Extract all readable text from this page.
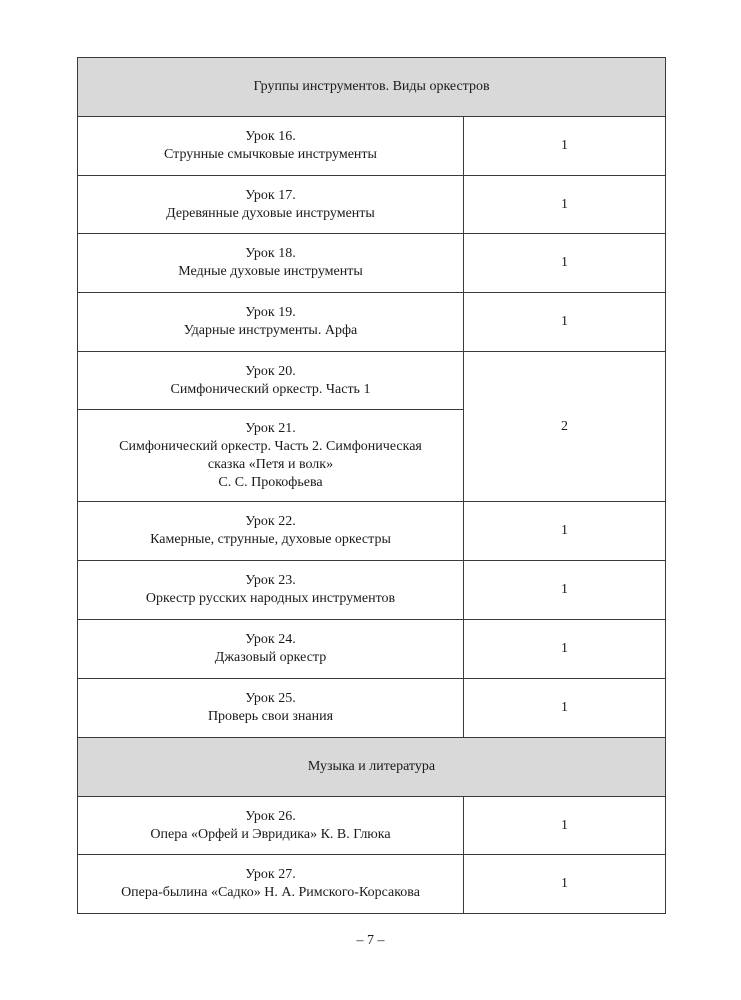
Группы инструментов. Виды оркестров	

Урок 16.
Струнные смычковые инструменты	1

Урок 17.
Деревянные духовые инструменты	1

Урок 18.
Медные духовые инструменты	1

Урок 19.
Ударные инструменты. Арфа	1

Урок 20.
Симфонический оркестр. Часть 1	2

Урок 21.
Симфонический оркестр. Часть 2. Симфоническая
сказка «Петя и волк»
С. С. Прокофьева	

Урок 22.
Камерные, струнные, духовые оркестры	1

Урок 23.
Оркестр русских народных инструментов	1

Урок 24.
Джазовый оркестр	1

Урок 25.
Проверь свои знания	1
Музыка и литература	

Урок 26.
Опера «Орфей и Эвридика» К. В. Глюка	1

Урок 27.
Опера-былина «Садко» Н. А. Римского-Корсакова	1
– 7 –
